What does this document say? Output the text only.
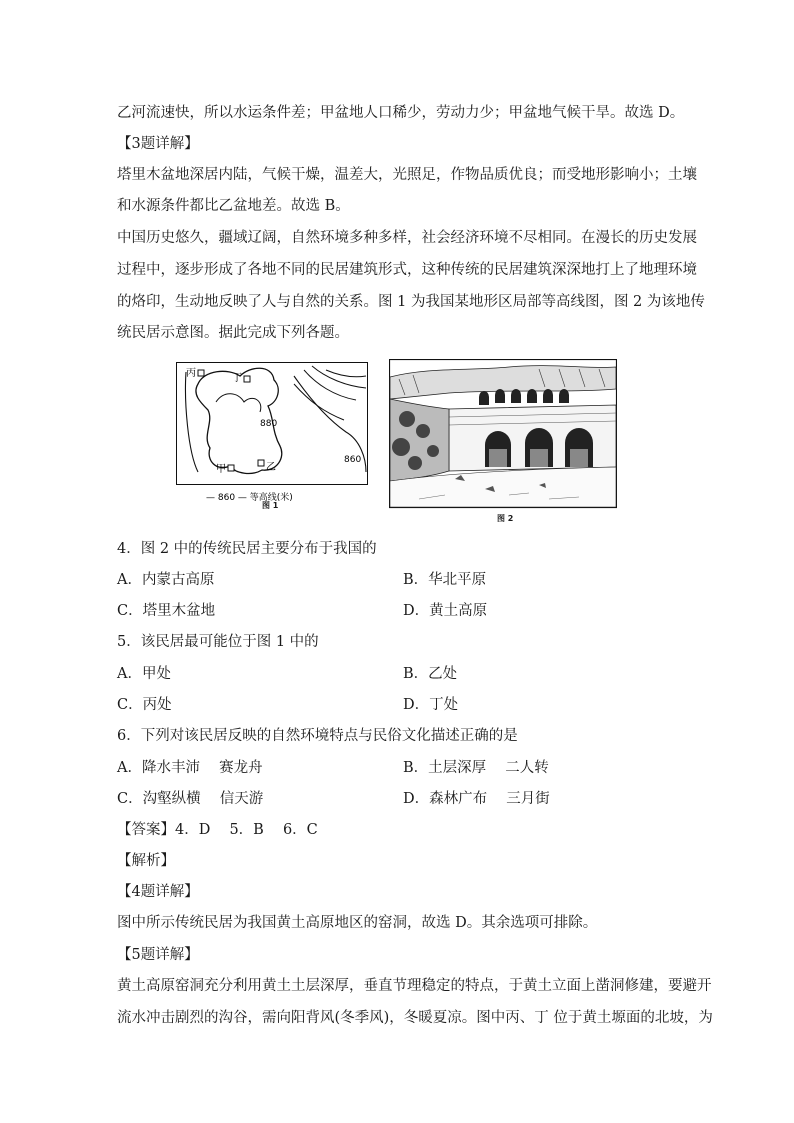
乙河流速快，所以水运条件差；甲盆地人口稀少，劳动力少；甲盆地气候干旱。故选 D。
【3题详解】
塔里木盆地深居内陆，气候干燥，温差大，光照足，作物品质优良；而受地形影响小；土壤
和水源条件都比乙盆地差。故选 B。
中国历史悠久，疆域辽阔，自然环境多种多样，社会经济环境不尽相同。在漫长的历史发展
过程中，逐步形成了各地不同的民居建筑形式，这种传统的民居建筑深深地打上了地理环境
的烙印，生动地反映了人与自然的关系。图 1 为我国某地形区局部等高线图，图 2 为该地传
统民居示意图。据此完成下列各题。
丙	丁
甲	乙
880
860
— 860 — 等高线(米)
图 1
图 2
4．图 2 中的传统民居主要分布于我国的
A．内蒙古高原	B．华北平原
C．塔里木盆地	D．黄土高原
5．该民居最可能位于图 1 中的
A．甲处	B．乙处
C．丙处	D．丁处
6．下列对该民居反映的自然环境特点与民俗文化描述正确的是
A．降水丰沛　 赛龙舟	B．土层深厚　 二人转
C．沟壑纵横　 信天游	D．森林广布　 三月街
【答案】4．D　 5．B　 6．C
【解析】
【4题详解】
图中所示传统民居为我国黄土高原地区的窑洞，故选 D。其余选项可排除。
【5题详解】
黄土高原窑洞充分利用黄土土层深厚，垂直节理稳定的特点，于黄土立面上凿洞修建，要避开
流水冲击剧烈的沟谷，需向阳背风(冬季风)，冬暖夏凉。图中丙、丁 位于黄土塬面的北坡，为
